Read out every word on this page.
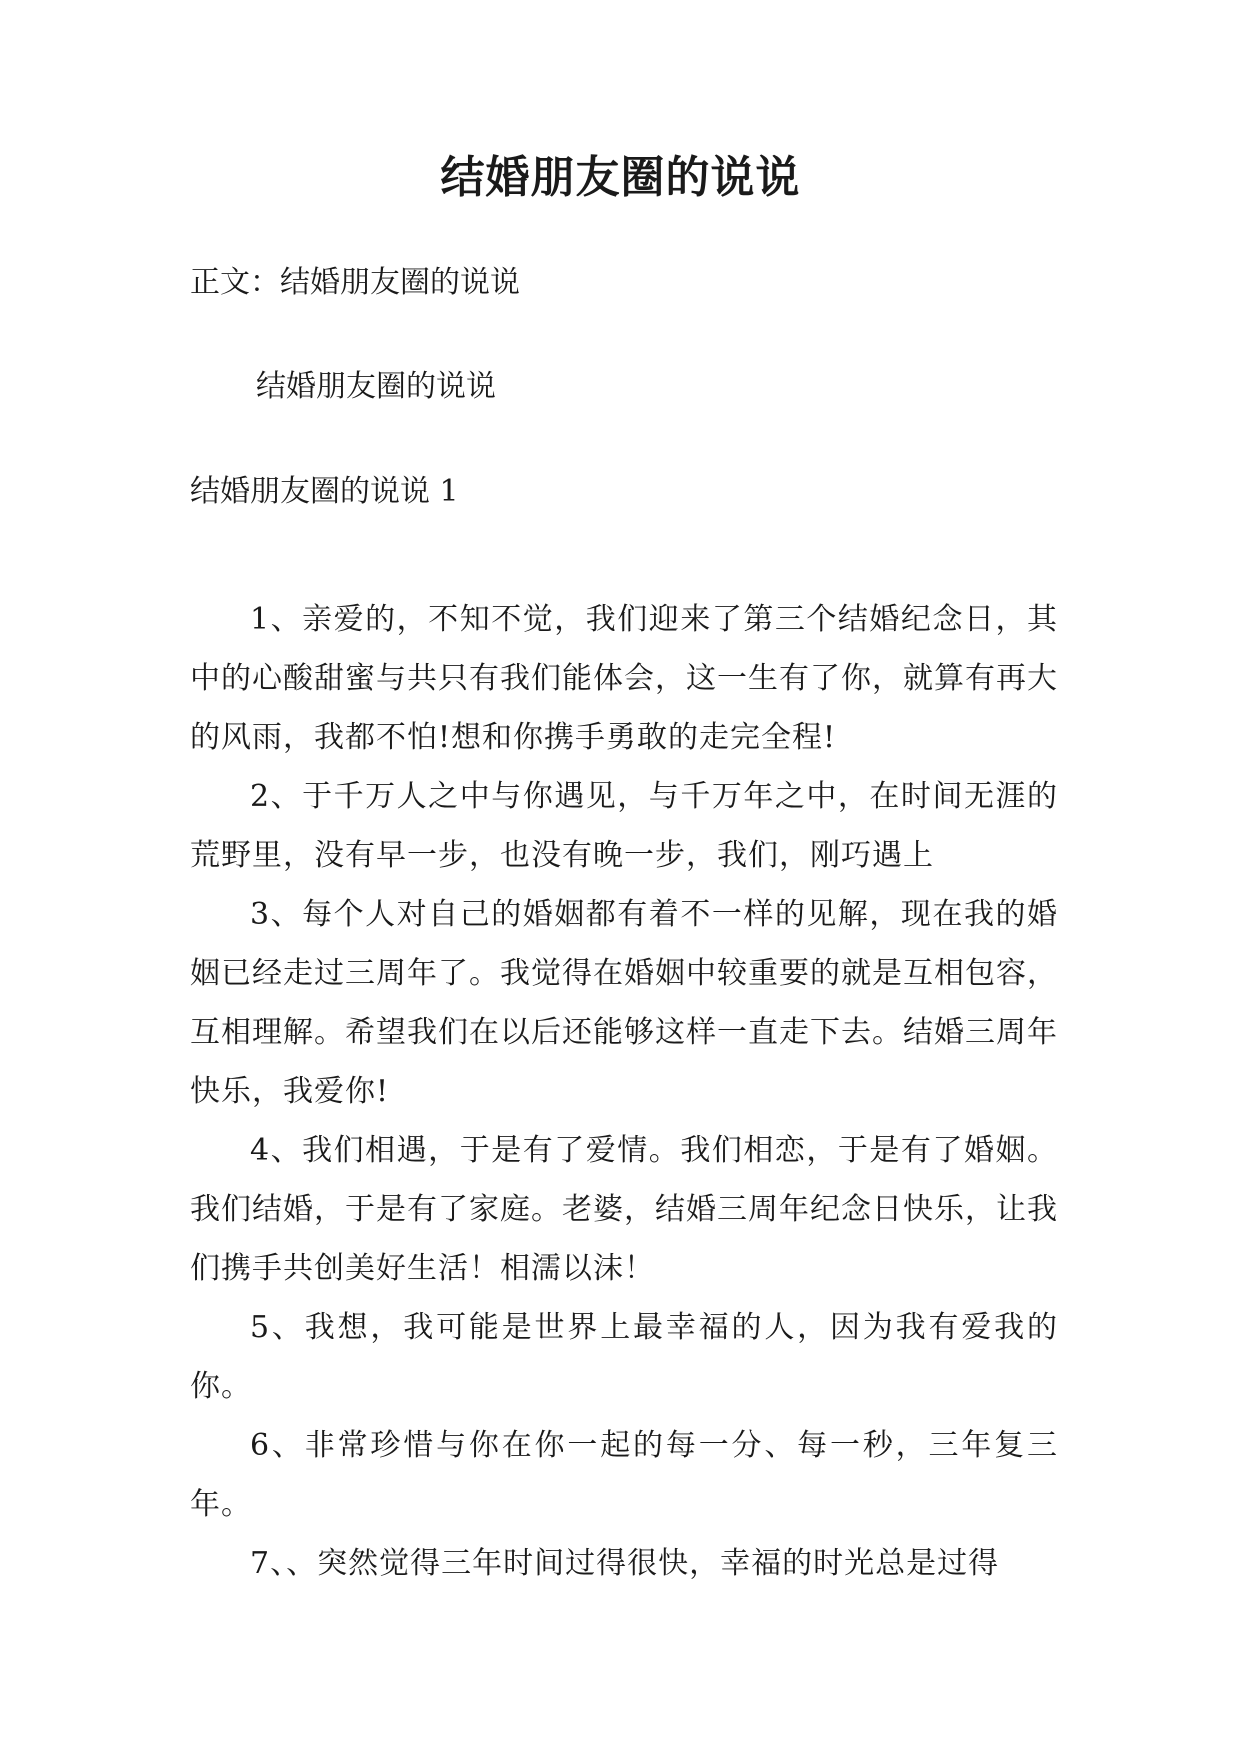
结婚朋友圈的说说

正文：结婚朋友圈的说说

结婚朋友圈的说说

结婚朋友圈的说说 1

1、亲爱的，不知不觉，我们迎来了第三个结婚纪念日，其中的心酸甜蜜与共只有我们能体会，这一生有了你，就算有再大的风雨，我都不怕!想和你携手勇敢的走完全程!

2、于千万人之中与你遇见，与千万年之中，在时间无涯的荒野里，没有早一步，也没有晚一步，我们，刚巧遇上

3、每个人对自己的婚姻都有着不一样的见解，现在我的婚姻已经走过三周年了。我觉得在婚姻中较重要的就是互相包容，互相理解。希望我们在以后还能够这样一直走下去。结婚三周年快乐，我爱你!

4、我们相遇，于是有了爱情。我们相恋，于是有了婚姻。我们结婚，于是有了家庭。老婆，结婚三周年纪念日快乐，让我们携手共创美好生活！相濡以沫！

5、我想，我可能是世界上最幸福的人，因为我有爱我的你。

6、非常珍惜与你在你一起的每一分、每一秒，三年复三年。

7、、突然觉得三年时间过得很快，幸福的时光总是过得
